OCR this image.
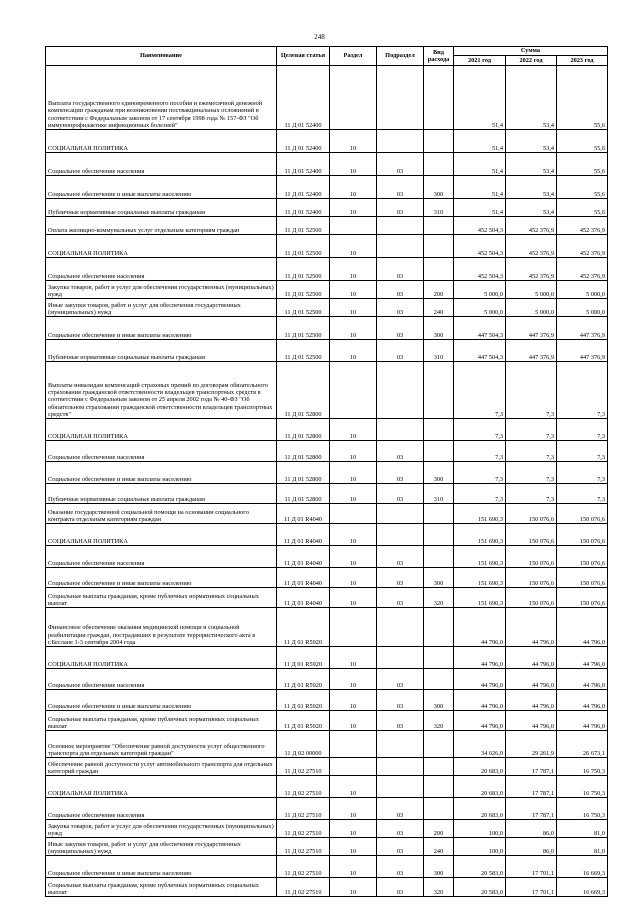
248
Наименование	Целевая статья	Раздел	Подраздел	Вид расхода	Сумма		
					2021 год	2022 год	2023 год
Выплата государственного единовременного пособия и ежемесячной денежной компенсации гражданам при возникновении поствакцинальных осложнений в соответствии с Федеральным законом от 17 сентября 1998 года № 157-ФЗ "Об иммунопрофилактике инфекционных болезней"	11 Д 01 52400				51,4	53,4	55,6
СОЦИАЛЬНАЯ ПОЛИТИКА	11 Д 01 52400	10			51,4	53,4	55,6
Социальное обеспечение населения	11 Д 01 52400	10	03		51,4	53,4	55,6
Социальное обеспечение и иные выплаты населению	11 Д 01 52400	10	03	300	51,4	53,4	55,6
Публичные нормативные социальные выплаты гражданам	11 Д 01 52400	10	03	310	51,4	53,4	55,6
Оплата жилищно-коммунальных услуг отдельным категориям граждан	11 Д 01 52500				452 504,3	452 376,9	452 376,9
СОЦИАЛЬНАЯ ПОЛИТИКА	11 Д 01 52500	10			452 504,3	452 376,9	452 376,9
Социальное обеспечение населения	11 Д 01 52500	10	03		452 504,3	452 376,9	452 376,9
Закупка товаров, работ и услуг для обеспечения государственных (муниципальных) нужд	11 Д 01 52500	10	03	200	5 000,0	5 000,0	5 000,0
Иные закупки товаров, работ и услуг для обеспечения государственных (муниципальных) нужд	11 Д 01 52500	10	03	240	5 000,0	5 000,0	5 000,0
Социальное обеспечение и иные выплаты населению	11 Д 01 52500	10	03	300	447 504,3	447 376,9	447 376,9
Публичные нормативные социальные выплаты гражданам	11 Д 01 52500	10	03	310	447 504,3	447 376,9	447 376,9
Выплаты инвалидам компенсаций страховых премий по договорам обязательного страхования гражданской ответственности владельцев транспортных средств в соответствии с Федеральным законом от 25 апреля 2002 года № 40-ФЗ "Об обязательном страховании гражданской ответственности владельцев транспортных средств"	11 Д 01 52800				7,3	7,3	7,3
СОЦИАЛЬНАЯ ПОЛИТИКА	11 Д 01 52800	10			7,3	7,3	7,3
Социальное обеспечение населения	11 Д 01 52800	10	03		7,3	7,3	7,3
Социальное обеспечение и иные выплаты населению	11 Д 01 52800	10	03	300	7,3	7,3	7,3
Публичные нормативные социальные выплаты гражданам	11 Д 01 52800	10	03	310	7,3	7,3	7,3
Оказание государственной социальной помощи на основании социального контракта отдельным категориям граждан	11 Д 01 R4040				151 690,3	150 076,6	150 076,6
СОЦИАЛЬНАЯ ПОЛИТИКА	11 Д 01 R4040	10			151 690,3	150 076,6	150 076,6
Социальное обеспечение населения	11 Д 01 R4040	10	03		151 690,3	150 076,6	150 076,6
Социальное обеспечение и иные выплаты населению	11 Д 01 R4040	10	03	300	151 690,3	150 076,6	150 076,6
Социальные выплаты гражданам, кроме публичных нормативных социальных выплат	11 Д 01 R4040	10	03	320	151 690,3	150 076,6	150 076,6
Финансовое обеспечение оказания медицинской помощи и социальной реабилитации граждан, пострадавших в результате террористического акта в г.Беслане 1-3 сентября 2004 года	11 Д 01 R5920				44 796,0	44 796,0	44 796,0
СОЦИАЛЬНАЯ ПОЛИТИКА	11 Д 01 R5920	10			44 796,0	44 796,0	44 796,0
Социальное обеспечение населения	11 Д 01 R5920	10	03		44 796,0	44 796,0	44 796,0
Социальное обеспечение и иные выплаты населению	11 Д 01 R5920	10	03	300	44 796,0	44 796,0	44 796,0
Социальные выплаты гражданам, кроме публичных нормативных социальных выплат	11 Д 01 R5920	10	03	320	44 796,0	44 796,0	44 796,0
Основное мероприятие "Обеспечение равной доступности услуг общественного транспорта для отдельных категорий граждан"	11 Д 02 00000				34 026,0	29 261,9	26 673,1
Обеспечение равной доступности услуг автомобильного транспорта для отдельных категорий граждан	11 Д 02 27510				20 683,0	17 787,1	16 750,3
СОЦИАЛЬНАЯ ПОЛИТИКА	11 Д 02 27510	10			20 683,0	17 787,1	16 750,3
Социальное обеспечение населения	11 Д 02 27510	10	03		20 683,0	17 787,1	16 750,3
Закупка товаров, работ и услуг для обеспечения государственных (муниципальных) нужд	11 Д 02 27510	10	03	200	100,0	86,0	81,0
Иные закупки товаров, работ и услуг для обеспечения государственных (муниципальных) нужд	11 Д 02 27510	10	03	240	100,0	86,0	81,0
Социальное обеспечение и иные выплаты населению	11 Д 02 27510	10	03	300	20 583,0	17 701,1	16 669,3
Социальные выплаты гражданам, кроме публичных нормативных социальных выплат	11 Д 02 27510	10	03	320	20 583,0	17 701,1	16 669,3
